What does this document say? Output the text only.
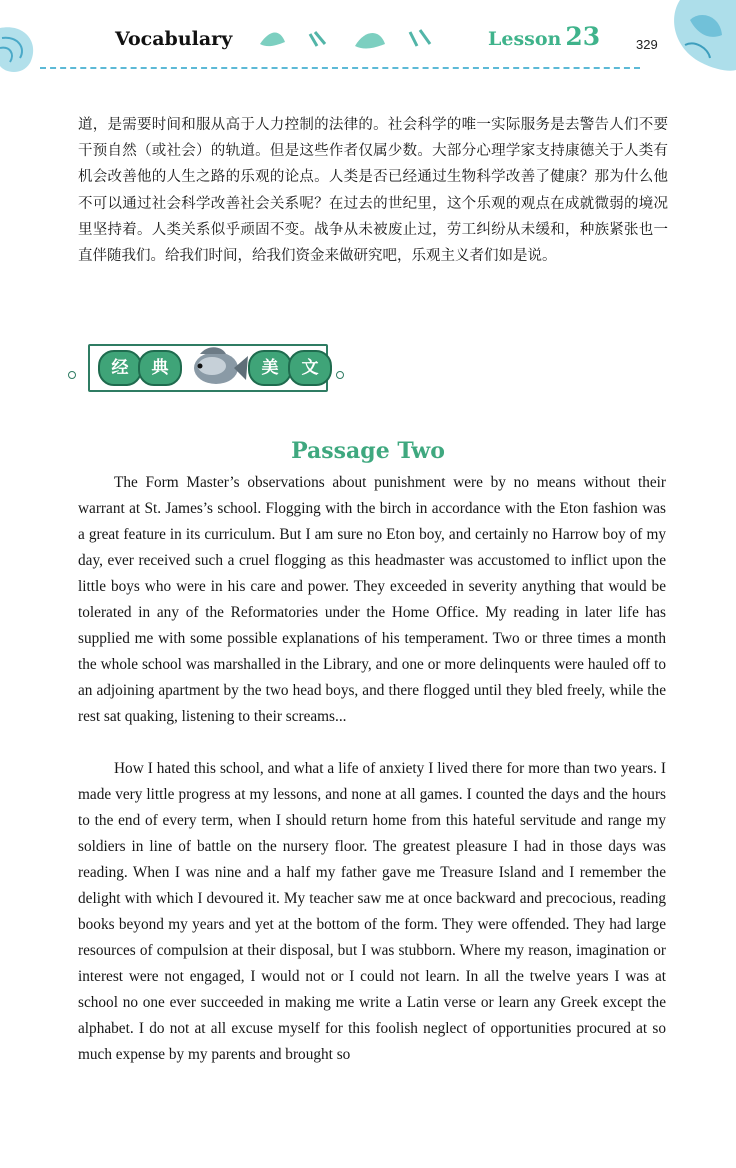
Vocabulary	Lesson 23	329
道，是需要时间和服从高于人力控制的法律的。社会科学的唯一实际服务是去警告人们不要干预自然（或社会）的轨道。但是这些作者仅属少数。大部分心理学家支持康德关于人类有机会改善他的人生之路的乐观的论点。人类是否已经通过生物科学改善了健康？那为什么他不可以通过社会科学改善社会关系呢？在过去的世纪里，这个乐观的观点在成就微弱的境况里坚持着。人类关系似乎顽固不变。战争从未被废止过，劳工纠纷从未缓和，种族紧张也一直伴随我们。给我们时间，给我们资金来做研究吧，乐观主义者们如是说。
经	典	美	文
Passage Two
The Form Master’s observations about punishment were by no means without their warrant at St. James’s school. Flogging with the birch in accordance with the Eton fashion was a great feature in its curriculum. But I am sure no Eton boy, and certainly no Harrow boy of my day, ever received such a cruel flogging as this headmaster was accustomed to inflict upon the little boys who were in his care and power. They exceeded in severity anything that would be tolerated in any of the Reformatories under the Home Office. My reading in later life has supplied me with some possible explanations of his temperament. Two or three times a month the whole school was marshalled in the Library, and one or more delinquents were hauled off to an adjoining apartment by the two head boys, and there flogged until they bled freely, while the rest sat quaking, listening to their screams...
How I hated this school, and what a life of anxiety I lived there for more than two years. I made very little progress at my lessons, and none at all games. I counted the days and the hours to the end of every term, when I should return home from this hateful servitude and range my soldiers in line of battle on the nursery floor. The greatest pleasure I had in those days was reading. When I was nine and a half my father gave me Treasure Island and I remember the delight with which I devoured it. My teacher saw me at once backward and precocious, reading books beyond my years and yet at the bottom of the form. They were offended. They had large resources of compulsion at their disposal, but I was stubborn. Where my reason, imagination or interest were not engaged, I would not or I could not learn. In all the twelve years I was at school no one ever succeeded in making me write a Latin verse or learn any Greek except the alphabet. I do not at all excuse myself for this foolish neglect of opportunities procured at so much expense by my parents and brought so
